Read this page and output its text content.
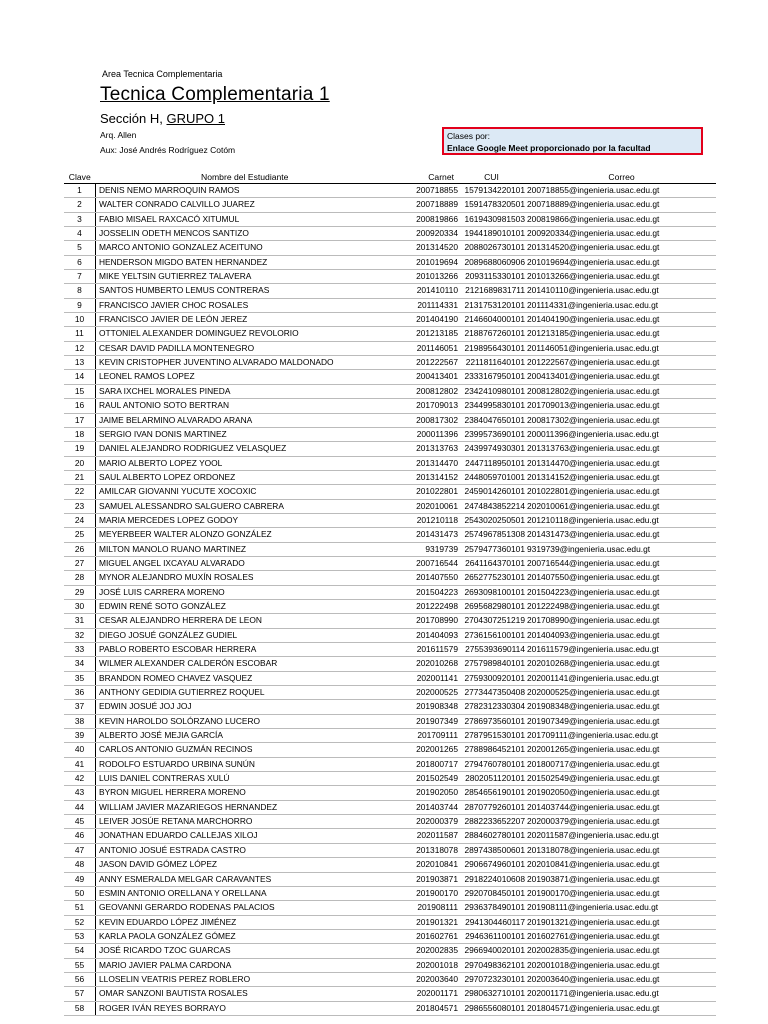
Area Tecnica Complementaria
Tecnica Complementaria 1
Sección H, GRUPO 1
Arq. Allen
Aux: José Andrés Rodríguez Cotóm
Clases por:
Enlace Google Meet proporcionado por la facultad
Clave	Nombre del Estudiante	Carnet	CUI	Correo
1	DENIS NEMO MARROQUIN RAMOS	200718855	1579134220101	200718855@ingenieria.usac.edu.gt
2	WALTER CONRADO CALVILLO JUAREZ	200718889	1591478320501	200718889@ingenieria.usac.edu.gt
3	FABIO MISAEL RAXCACÓ XITUMUL	200819866	1619430981503	200819866@ingenieria.usac.edu.gt
4	JOSSELIN ODETH MENCOS SANTIZO	200920334	1944189010101	200920334@ingenieria.usac.edu.gt
5	MARCO ANTONIO GONZALEZ ACEITUNO	201314520	2088026730101	201314520@ingenieria.usac.edu.gt
6	HENDERSON MIGDO BATEN HERNANDEZ	201019694	2089688060906	201019694@ingenieria.usac.edu.gt
7	MIKE YELTSIN GUTIERREZ TALAVERA	201013266	2093115330101	201013266@ingenieria.usac.edu.gt
8	SANTOS HUMBERTO LEMUS CONTRERAS	201410110	2121689831711	201410110@ingenieria.usac.edu.gt
9	FRANCISCO JAVIER CHOC ROSALES	201114331	2131753120101	201114331@ingenieria.usac.edu.gt
10	FRANCISCO JAVIER DE LEÓN JEREZ	201404190	2146604000101	201404190@ingenieria.usac.edu.gt
11	OTTONIEL ALEXANDER DOMINGUEZ REVOLORIO	201213185	2188767260101	201213185@ingenieria.usac.edu.gt
12	CESAR DAVID PADILLA MONTENEGRO	201146051	2198956430101	201146051@ingenieria.usac.edu.gt
13	KEVIN CRISTOPHER JUVENTINO ALVARADO MALDONADO	201222567	2211811640101	201222567@ingenieria.usac.edu.gt
14	LEONEL RAMOS LOPEZ	200413401	2333167950101	200413401@ingenieria.usac.edu.gt
15	SARA IXCHEL MORALES PINEDA	200812802	2342410980101	200812802@ingenieria.usac.edu.gt
16	RAUL ANTONIO SOTO BERTRAN	201709013	2344995830101	201709013@ingenieria.usac.edu.gt
17	JAIME BELARMINO ALVARADO ARANA	200817302	2384047650101	200817302@ingenieria.usac.edu.gt
18	SERGIO IVAN DONIS MARTINEZ	200011396	2399573690101	200011396@ingenieria.usac.edu.gt
19	DANIEL ALEJANDRO RODRIGUEZ VELASQUEZ	201313763	2439974930301	201313763@ingenieria.usac.edu.gt
20	MARIO ALBERTO LOPEZ YOOL	201314470	2447118950101	201314470@ingenieria.usac.edu.gt
21	SAUL ALBERTO LOPEZ ORDONEZ	201314152	2448059701001	201314152@ingenieria.usac.edu.gt
22	AMILCAR GIOVANNI YUCUTE XOCOXIC	201022801	2459014260101	201022801@ingenieria.usac.edu.gt
23	SAMUEL ALESSANDRO SALGUERO CABRERA	202010061	2474843852214	202010061@ingenieria.usac.edu.gt
24	MARIA MERCEDES LOPEZ GODOY	201210118	2543020250501	201210118@ingenieria.usac.edu.gt
25	MEYERBEER WALTER ALONZO GONZÁLEZ	201431473	2574967851308	201431473@ingenieria.usac.edu.gt
26	MILTON MANOLO RUANO MARTINEZ	9319739	2579477360101	9319739@ingenieria.usac.edu.gt
27	MIGUEL ANGEL IXCAYAU ALVARADO	200716544	2641164370101	200716544@ingenieria.usac.edu.gt
28	MYNOR ALEJANDRO MUXÍN ROSALES	201407550	2652775230101	201407550@ingenieria.usac.edu.gt
29	JOSÉ LUIS CARRERA MORENO	201504223	2693098100101	201504223@ingenieria.usac.edu.gt
30	EDWIN RENÉ SOTO GONZÁLEZ	201222498	2695682980101	201222498@ingenieria.usac.edu.gt
31	CESAR ALEJANDRO HERRERA DE LEON	201708990	2704307251219	201708990@ingenieria.usac.edu.gt
32	DIEGO JOSUÉ GONZÁLEZ GUDIEL	201404093	2736156100101	201404093@ingenieria.usac.edu.gt
33	PABLO ROBERTO ESCOBAR HERRERA	201611579	2755393690114	201611579@ingenieria.usac.edu.gt
34	WILMER ALEXANDER CALDERÓN ESCOBAR	202010268	2757989840101	202010268@ingenieria.usac.edu.gt
35	BRANDON ROMEO CHAVEZ VASQUEZ	202001141	2759300920101	202001141@ingenieria.usac.edu.gt
36	ANTHONY GEDIDIA GUTIERREZ ROQUEL	202000525	2773447350408	202000525@ingenieria.usac.edu.gt
37	EDWIN JOSUÉ JOJ JOJ	201908348	2782312330304	201908348@ingenieria.usac.edu.gt
38	KEVIN HAROLDO SOLÓRZANO LUCERO	201907349	2786973560101	201907349@ingenieria.usac.edu.gt
39	ALBERTO JOSÉ MEJIA GARCÍA	201709111	2787951530101	201709111@ingenieria.usac.edu.gt
40	CARLOS ANTONIO GUZMÁN RECINOS	202001265	2788986452101	202001265@ingenieria.usac.edu.gt
41	RODOLFO ESTUARDO URBINA SUNÚN	201800717	2794760780101	201800717@ingenieria.usac.edu.gt
42	LUIS DANIEL CONTRERAS XULÚ	201502549	2802051120101	201502549@ingenieria.usac.edu.gt
43	BYRON MIGUEL HERRERA MORENO	201902050	2854656190101	201902050@ingenieria.usac.edu.gt
44	WILLIAM JAVIER MAZARIEGOS HERNANDEZ	201403744	2870779260101	201403744@ingenieria.usac.edu.gt
45	LEIVER JOSÚE RETANA MARCHORRO	202000379	2882233652207	202000379@ingenieria.usac.edu.gt
46	JONATHAN EDUARDO CALLEJAS XILOJ	202011587	2884602780101	202011587@ingenieria.usac.edu.gt
47	ANTONIO JOSUÉ ESTRADA CASTRO	201318078	2897438500601	201318078@ingenieria.usac.edu.gt
48	JASON DAVID GÓMEZ LÓPEZ	202010841	2906674960101	202010841@ingenieria.usac.edu.gt
49	ANNY ESMERALDA MELGAR CARAVANTES	201903871	2918224010608	201903871@ingenieria.usac.edu.gt
50	ESMIN ANTONIO ORELLANA Y ORELLANA	201900170	2920708450101	201900170@ingenieria.usac.edu.gt
51	GEOVANNI GERARDO RODENAS PALACIOS	201908111	2936378490101	201908111@ingenieria.usac.edu.gt
52	KEVIN EDUARDO LÓPEZ JIMÉNEZ	201901321	2941304460117	201901321@ingenieria.usac.edu.gt
53	KARLA PAOLA GONZÁLEZ GÓMEZ	201602761	2946361100101	201602761@ingenieria.usac.edu.gt
54	JOSÉ RICARDO TZOC GUARCAS	202002835	2966940020101	202002835@ingenieria.usac.edu.gt
55	MARIO JAVIER PALMA CARDONA	202001018	2970498362101	202001018@ingenieria.usac.edu.gt
56	LLOSELIN VEATRIS PEREZ ROBLERO	202003640	2970723230101	202003640@ingenieria.usac.edu.gt
57	OMAR SANZONI BAUTISTA ROSALES	202001171	2980632710101	202001171@ingenieria.usac.edu.gt
58	ROGER IVÁN REYES BORRAYO	201804571	2986556080101	201804571@ingenieria.usac.edu.gt
